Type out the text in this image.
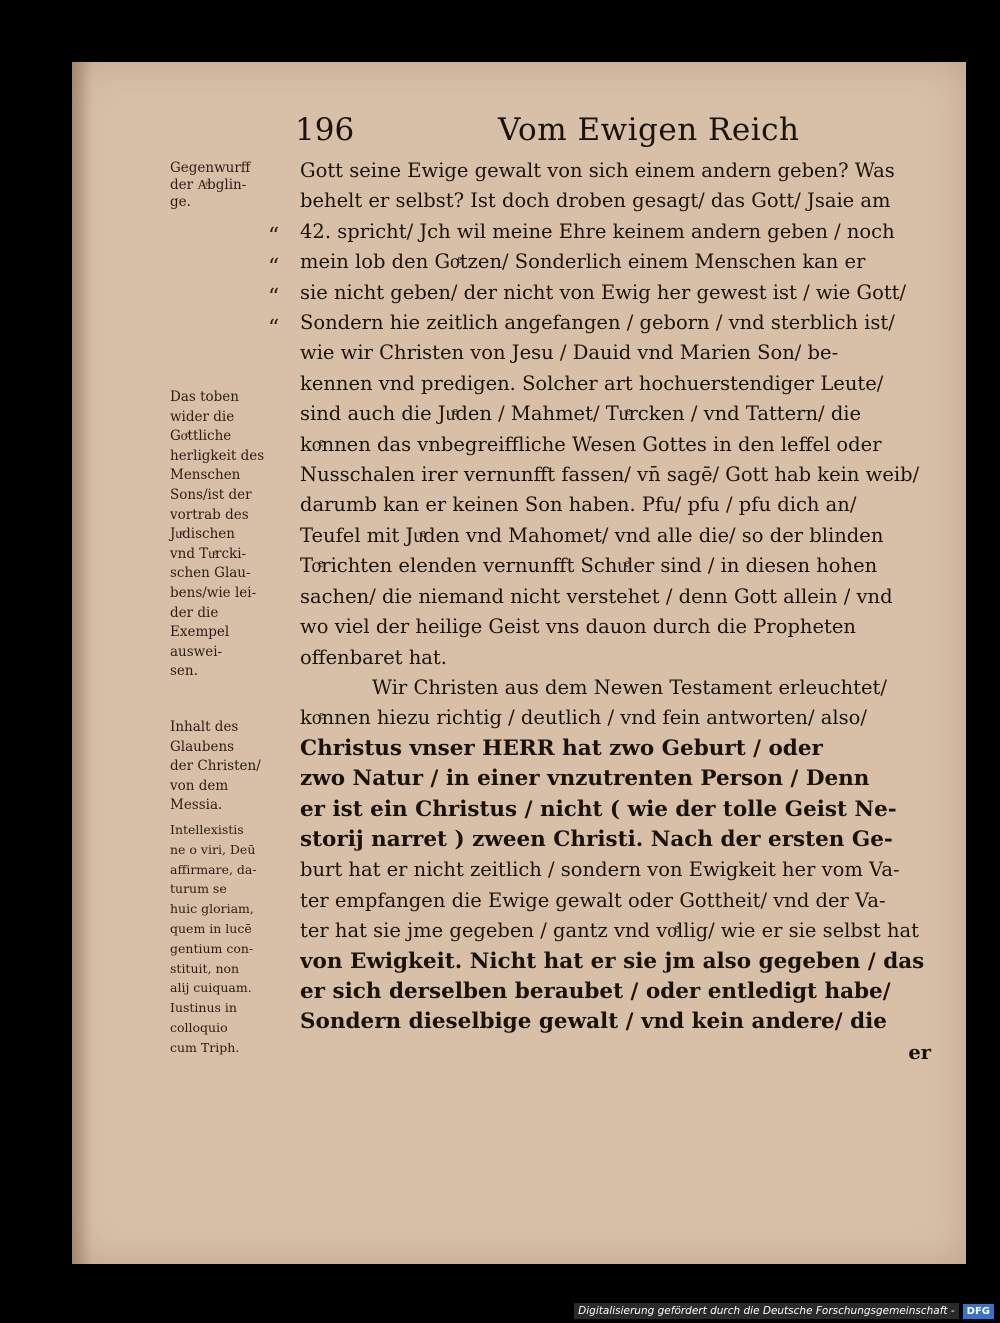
196	Vom Ewigen Reich
Gegenwurff
der Aͤbglin-
ge.
Das toben
wider die
Goͤttliche
herligkeit des
Menschen
Sons/ist der
vortrab des
Juͤdischen
vnd Tuͤrcki-
schen Glau-
bens/wie lei-
der die
Exempel
auswei-
sen.
Inhalt des
Glaubens
der Christen/
von dem
Messia.
Intellexistis
ne o viri, Deū
affirmare, da-
turum se
huic gloriam,
quem in lucē
gentium con-
stituit, non
alij cuiquam.
Iustinus in
colloquio
cum Triph.
“
“
“
“
Gott seine Ewige gewalt von sich einem andern geben? Was
behelt er selbst? Ist doch droben gesagt/ das Gott/ Jsaie am
42. spricht/ Jch wil meine Ehre keinem andern geben / noch
mein lob den Goͤtzen/ Sonderlich einem Menschen kan er
sie nicht geben/ der nicht von Ewig her gewest ist / wie Gott/
Sondern hie zeitlich angefangen / geborn / vnd sterblich ist/
wie wir Christen von Jesu / Dauid vnd Marien Son/ be-
kennen vnd predigen. Solcher art hochuerstendiger Leute/
sind auch die Juͤden / Mahmet/ Tuͤrcken / vnd Tattern/ die
koͤnnen das vnbegreiffliche Wesen Gottes in den leffel oder
Nusschalen irer vernunfft fassen/ vn̄ sagē/ Gott hab kein weib/
darumb kan er keinen Son haben. Pfu/ pfu / pfu dich an/
Teufel mit Juͤden vnd Mahomet/ vnd alle die/ so der blinden
Toͤrichten elenden vernunfft Schuͤler sind / in diesen hohen
sachen/ die niemand nicht verstehet / denn Gott allein / vnd
wo viel der heilige Geist vns dauon durch die Propheten
offenbaret hat.
Wir Christen aus dem Newen Testament erleuchtet/
koͤnnen hiezu richtig / deutlich / vnd fein antworten/ also/
Christus vnser HERR hat zwo Geburt / oder
zwo Natur / in einer vnzutrenten Person / Denn
er ist ein Christus / nicht ( wie der tolle Geist Ne-
storij narret ) zween Christi. Nach der ersten Ge-
burt hat er nicht zeitlich / sondern von Ewigkeit her vom Va-
ter empfangen die Ewige gewalt oder Gottheit/ vnd der Va-
ter hat sie jme gegeben / gantz vnd voͤllig/ wie er sie selbst hat
von Ewigkeit. Nicht hat er sie jm also gegeben / das
er sich derselben beraubet / oder entledigt habe/
Sondern dieselbige gewalt / vnd kein andere/ die
er
Digitalisierung gefördert durch die Deutsche Forschungsgemeinschaft -	DFG
